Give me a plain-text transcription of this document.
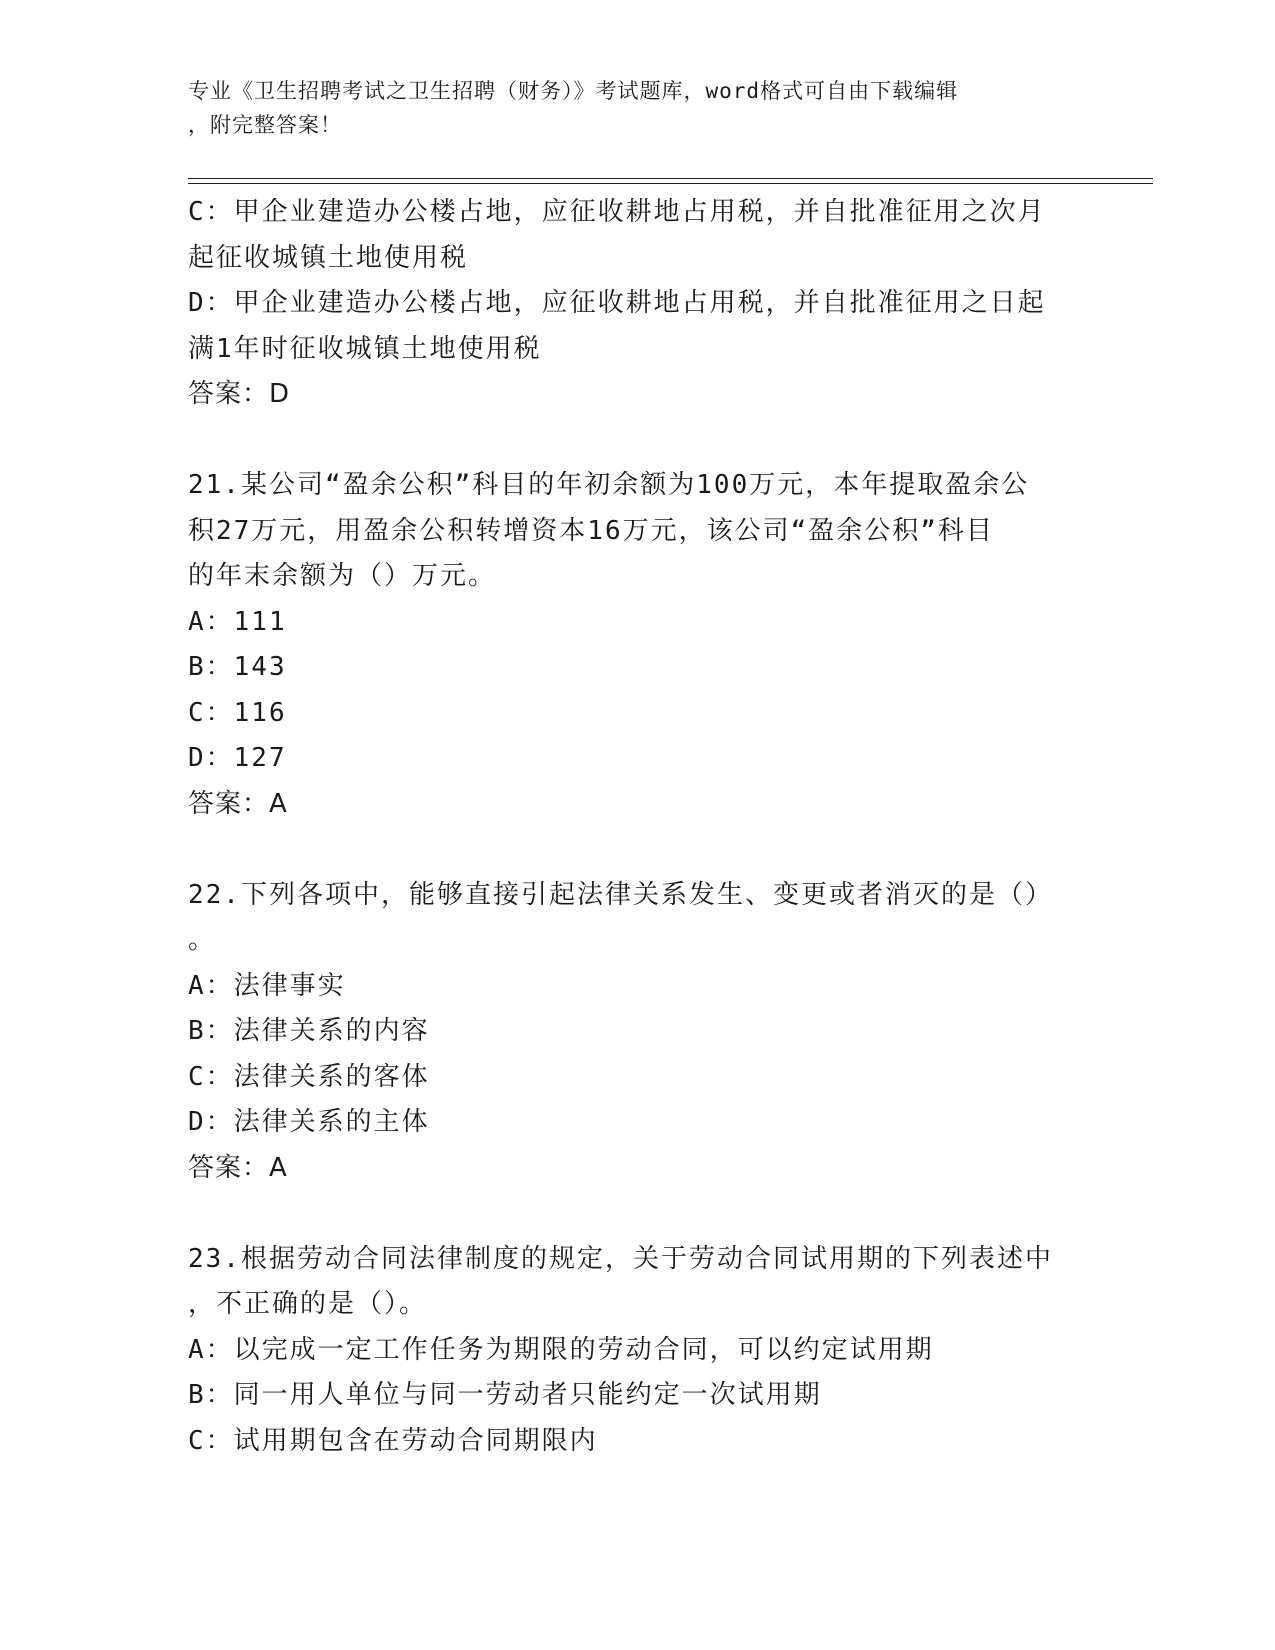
专业《卫生招聘考试之卫生招聘（财务）》考试题库，word格式可自由下载编辑
，附完整答案！
C：甲企业建造办公楼占地，应征收耕地占用税，并自批准征用之次月
起征收城镇土地使用税
D：甲企业建造办公楼占地，应征收耕地占用税，并自批准征用之日起
满1年时征收城镇土地使用税
答案：D
21.某公司“盈余公积”科目的年初余额为100万元，本年提取盈余公
积27万元，用盈余公积转增资本16万元，该公司“盈余公积”科目
的年末余额为（）万元。
A：111
B：143
C：116
D：127
答案：A
22.下列各项中，能够直接引起法律关系发生、变更或者消灭的是（）
。
A：法律事实
B：法律关系的内容
C：法律关系的客体
D：法律关系的主体
答案：A
23.根据劳动合同法律制度的规定，关于劳动合同试用期的下列表述中
，不正确的是（）。
A：以完成一定工作任务为期限的劳动合同，可以约定试用期
B：同一用人单位与同一劳动者只能约定一次试用期
C：试用期包含在劳动合同期限内
